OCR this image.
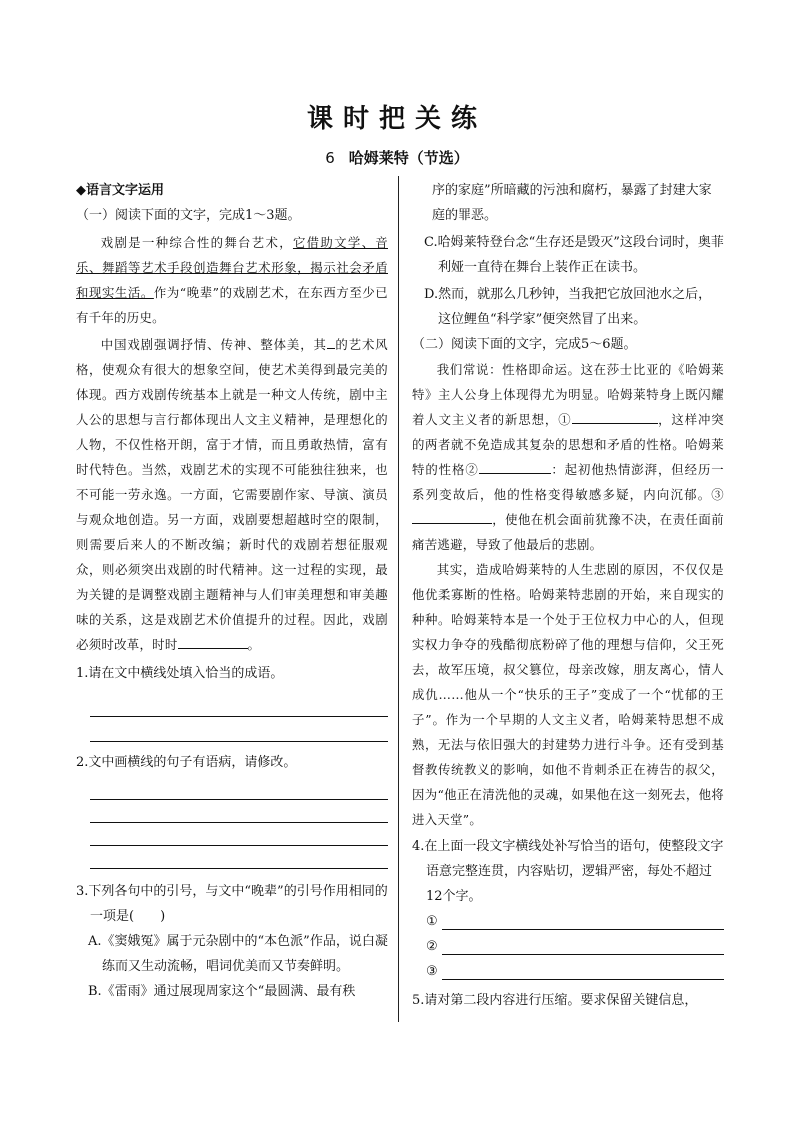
课时把关练
6 哈姆莱特（节选）

◆语言文字运用

（一）阅读下面的文字，完成1～3题。

戏剧是一种综合性的舞台艺术，它借助文学、音乐、舞蹈等艺术手段创造舞台艺术形象，揭示社会矛盾和现实生活。作为“晚辈”的戏剧艺术，在东西方至少已有千年的历史。

中国戏剧强调抒情、传神、整体美，其 的艺术风格，使观众有很大的想象空间，使艺术美得到最完美的体现。西方戏剧传统基本上就是一种文人传统，剧中主人公的思想与言行都体现出人文主义精神，是理想化的人物，不仅性格开朗，富于才情，而且勇敢热情，富有时代特色。当然，戏剧艺术的实现不可能独往独来，也不可能一劳永逸。一方面，它需要剧作家、导演、演员与观众地创造。另一方面，戏剧要想超越时空的限制，则需要后来人的不断改编；新时代的戏剧若想征服观众，则必须突出戏剧的时代精神。这一过程的实现，最为关键的是调整戏剧主题精神与人们审美理想和审美趣味的关系，这是戏剧艺术价值提升的过程。因此，戏剧必须时改革，时时	。

1.请在文中横线处填入恰当的成语。

2.文中画横线的句子有语病，请修改。

3.下列各句中的引号，与文中“晚辈”的引号作用相同的一项是(　　)

A.《窦娥冤》属于元杂剧中的“本色派”作品，说白凝练而又生动流畅，唱词优美而又节奏鲜明。

B.《雷雨》通过展现周家这个“最圆满、最有秩

序的家庭”所暗藏的污浊和腐朽，暴露了封建大家庭的罪恶。

C.哈姆莱特登台念“生存还是毁灭”这段台词时，奥菲利娅一直待在舞台上装作正在读书。

D.然而，就那么几秒钟，当我把它放回池水之后，这位鲤鱼“科学家”便突然冒了出来。

（二）阅读下面的文字，完成5～6题。

我们常说：性格即命运。这在莎士比亚的《哈姆莱特》主人公身上体现得尤为明显。哈姆莱特身上既闪耀着人文主义者的新思想，①	，这样冲突的两者就不免造成其复杂的思想和矛盾的性格。哈姆莱特的性格②	：起初他热情澎湃，但经历一系列变故后，他的性格变得敏感多疑，内向沉郁。③，使他在机会面前犹豫不决，在责任面前痛苦逃避，导致了他最后的悲剧。

其实，造成哈姆莱特的人生悲剧的原因，不仅仅是他优柔寡断的性格。哈姆莱特悲剧的开始，来自现实的种种。哈姆莱特本是一个处于王位权力中心的人，但现实权力争夺的残酷彻底粉碎了他的理想与信仰，父王死去，故军压境，叔父篡位，母亲改嫁，朋友离心，情人成仇……他从一个“快乐的王子”变成了一个“忧郁的王子”。作为一个早期的人文主义者，哈姆莱特思想不成熟，无法与依旧强大的封建势力进行斗争。还有受到基督教传统教义的影响，如他不肯刺杀正在祷告的叔父，因为“他正在清洗他的灵魂，如果他在这一刻死去，他将进入天堂”。

4.在上面一段文字横线处补写恰当的语句，使整段文字语意完整连贯，内容贴切，逻辑严密，每处不超过12个字。

①
②
③

5.请对第二段内容进行压缩。要求保留关键信息，
